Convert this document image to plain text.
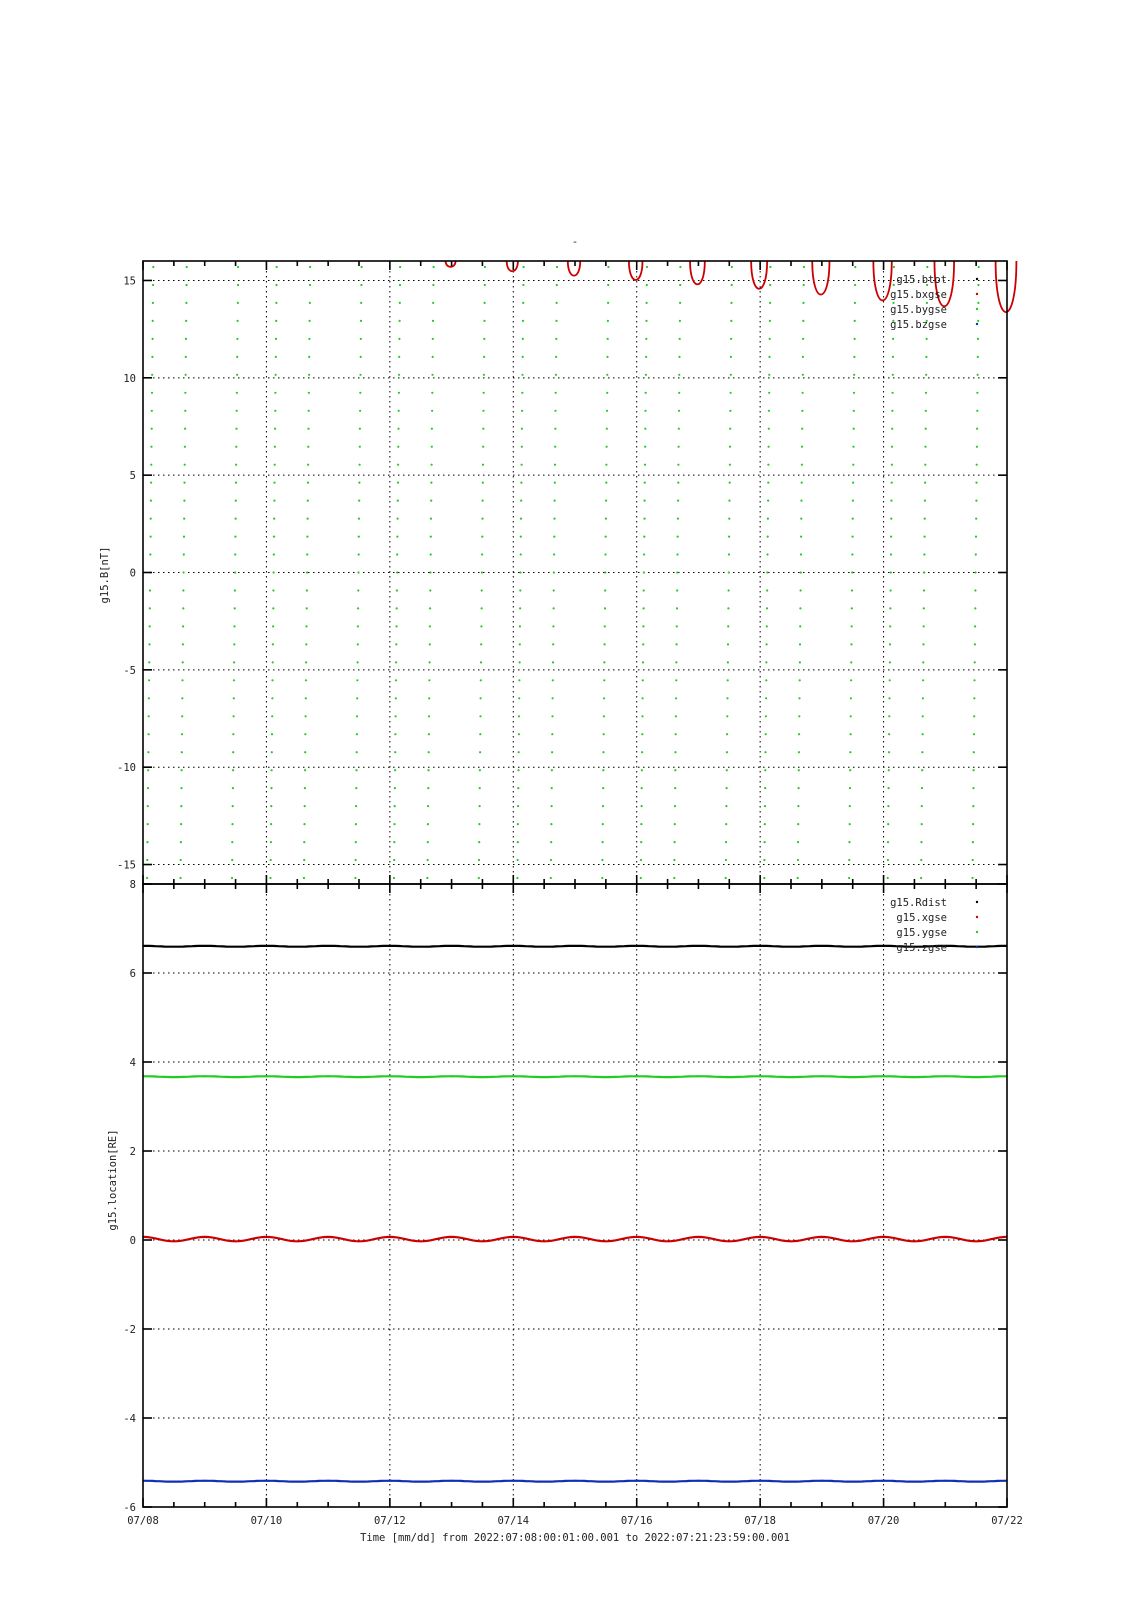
-
g15.B[nT]
15
10
5
0
-5
-10
-15
g15.btot
g15.bxgse
g15.bygse
g15.bzgse
g15.location[RE]
8
6
4
2
0
-2
-4
-6
07/08	07/10	07/12	07/14	07/16	07/18	07/20	07/22
g15.Rdist
g15.xgse
g15.ygse
g15.zgse
Time [mm/dd] from 2022:07:08:00:01:00.001 to 2022:07:21:23:59:00.001
